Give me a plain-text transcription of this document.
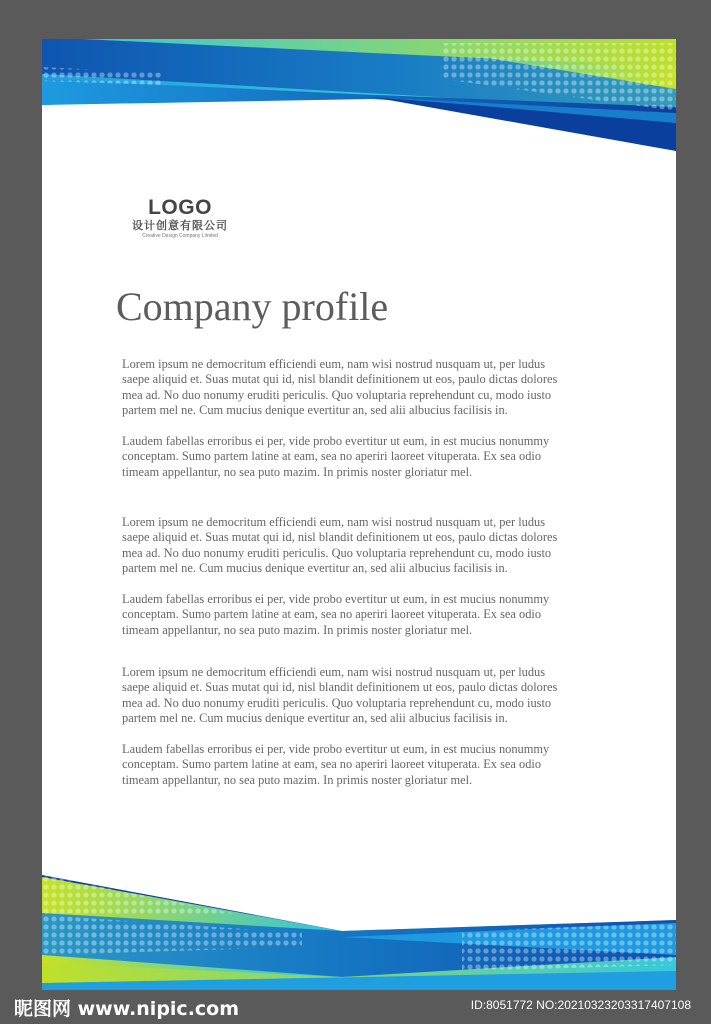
LOGO
设计创意有限公司
Creative Design Company Limited
Company profile

Lorem ipsum ne democritum efficiendi eum, nam wisi nostrud nusquam ut, per ludus
saepe aliquid et. Suas mutat qui id, nisl blandit definitionem ut eos, paulo dictas dolores
mea ad. No duo nonumy eruditi periculis. Quo voluptaria reprehendunt cu, modo iusto
partem mel ne. Cum mucius denique evertitur an, sed alii albucius facilisis in.

Laudem fabellas erroribus ei per, vide probo evertitur ut eum, in est mucius nonummy
conceptam. Sumo partem latine at eam, sea no aperiri laoreet vituperata. Ex sea odio
timeam appellantur, no sea puto mazim. In primis noster gloriatur mel.

Lorem ipsum ne democritum efficiendi eum, nam wisi nostrud nusquam ut, per ludus
saepe aliquid et. Suas mutat qui id, nisl blandit definitionem ut eos, paulo dictas dolores
mea ad. No duo nonumy eruditi periculis. Quo voluptaria reprehendunt cu, modo iusto
partem mel ne. Cum mucius denique evertitur an, sed alii albucius facilisis in.

Laudem fabellas erroribus ei per, vide probo evertitur ut eum, in est mucius nonummy
conceptam. Sumo partem latine at eam, sea no aperiri laoreet vituperata. Ex sea odio
timeam appellantur, no sea puto mazim. In primis noster gloriatur mel.

Lorem ipsum ne democritum efficiendi eum, nam wisi nostrud nusquam ut, per ludus
saepe aliquid et. Suas mutat qui id, nisl blandit definitionem ut eos, paulo dictas dolores
mea ad. No duo nonumy eruditi periculis. Quo voluptaria reprehendunt cu, modo iusto
partem mel ne. Cum mucius denique evertitur an, sed alii albucius facilisis in.

Laudem fabellas erroribus ei per, vide probo evertitur ut eum, in est mucius nonummy
conceptam. Sumo partem latine at eam, sea no aperiri laoreet vituperata. Ex sea odio
timeam appellantur, no sea puto mazim. In primis noster gloriatur mel.

昵图网 www.nipic.com	ID:8051772 NO:20210323203317407108
